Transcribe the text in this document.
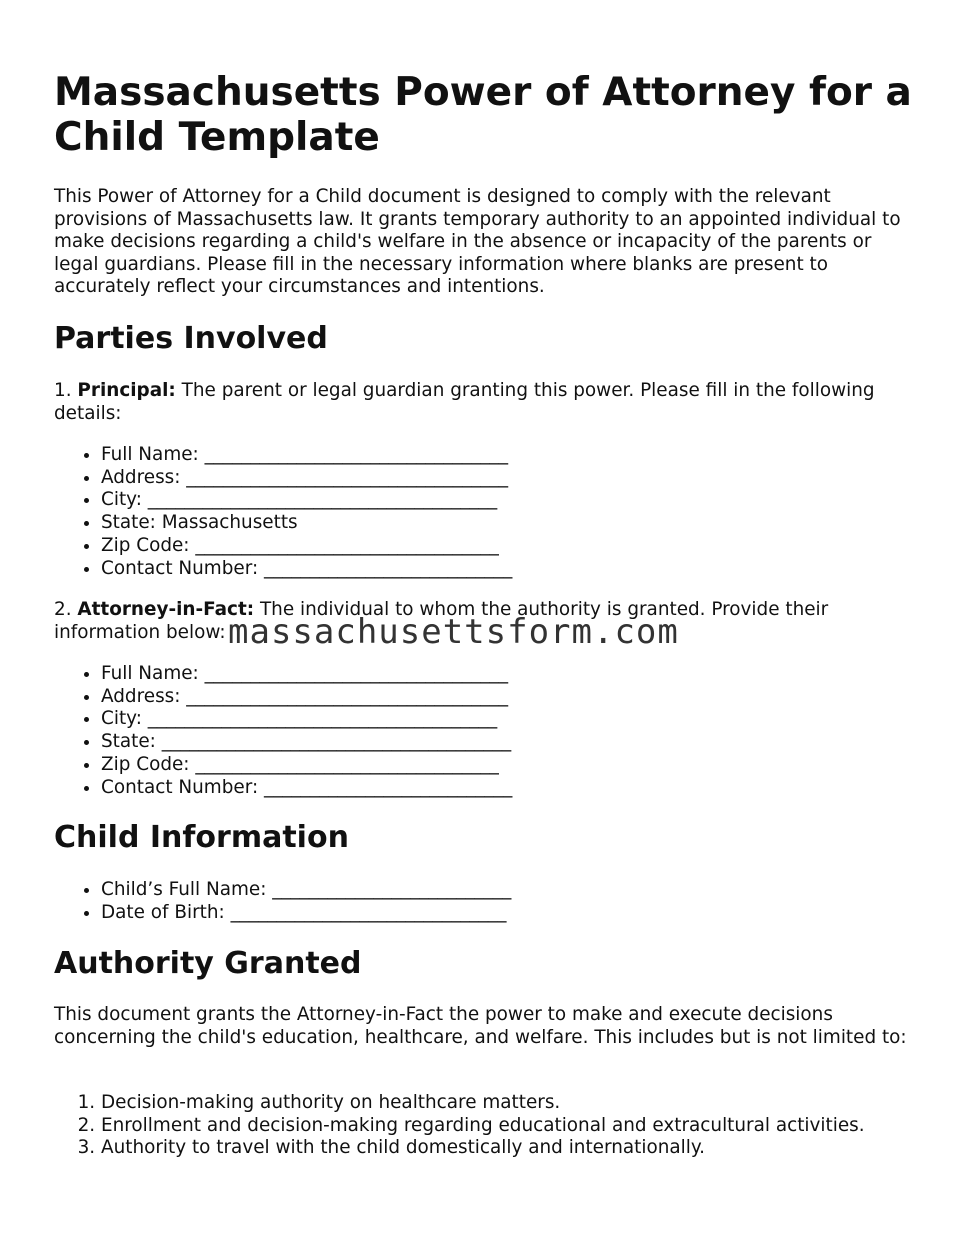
Massachusetts Power of Attorney for a Child Template

This Power of Attorney for a Child document is designed to comply with the relevant provisions of Massachusetts law. It grants temporary authority to an appointed individual to make decisions regarding a child's welfare in the absence or incapacity of the parents or legal guardians. Please fill in the necessary information where blanks are present to accurately reflect your circumstances and intentions.

Parties Involved

1. Principal: The parent or legal guardian granting this power. Please fill in the following details:

• Full Name: _________________________________
• Address: ___________________________________
• City: ______________________________________
• State: Massachusetts
• Zip Code: _________________________________
• Contact Number: ___________________________

2. Attorney-in-Fact: The individual to whom the authority is granted. Provide their information below:

• Full Name: _________________________________
• Address: ___________________________________
• City: ______________________________________
• State: ______________________________________
• Zip Code: _________________________________
• Contact Number: ___________________________
Child Information
• Child’s Full Name: __________________________
• Date of Birth: ______________________________
Authority Granted

This document grants the Attorney-in-Fact the power to make and execute decisions concerning the child's education, healthcare, and welfare. This includes but is not limited to:

1. Decision-making authority on healthcare matters.
2. Enrollment and decision-making regarding educational and extracultural activities.
3. Authority to travel with the child domestically and internationally.
massachusettsform.com
